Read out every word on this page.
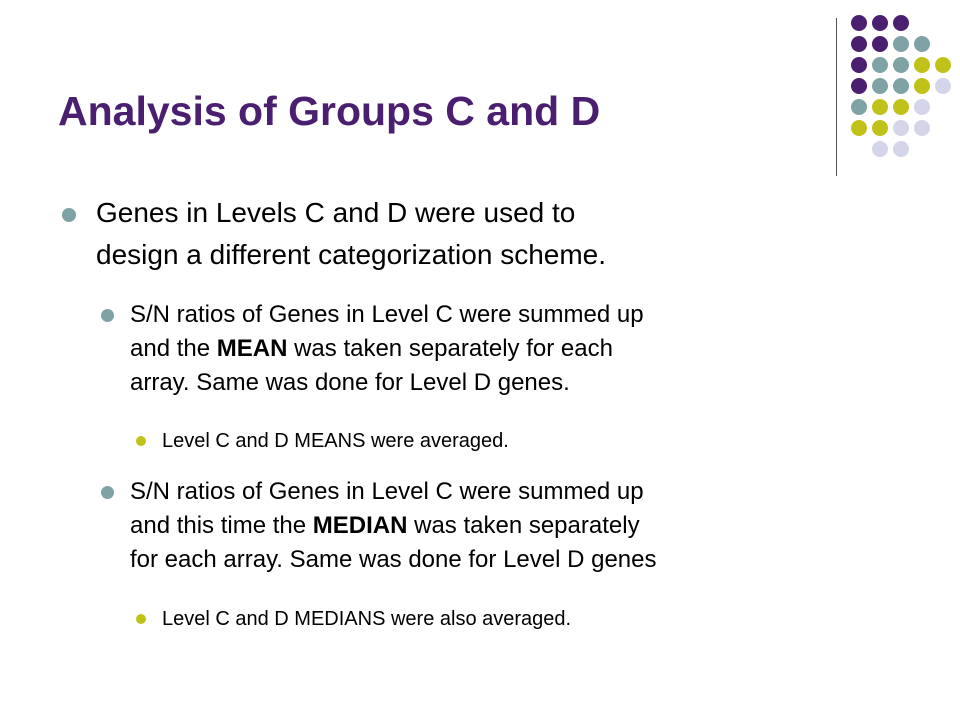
Analysis of Groups C and D
Genes in Levels C and D were used to
design a different categorization scheme.
S/N ratios of Genes in Level C were summed up
and the MEAN was taken separately for each
array. Same was done for Level D genes.
Level C and D MEANS were averaged.
S/N ratios of Genes in Level C were summed up
and this time the MEDIAN was taken separately
for each array. Same was done for Level D genes
Level C and D MEDIANS were also averaged.
